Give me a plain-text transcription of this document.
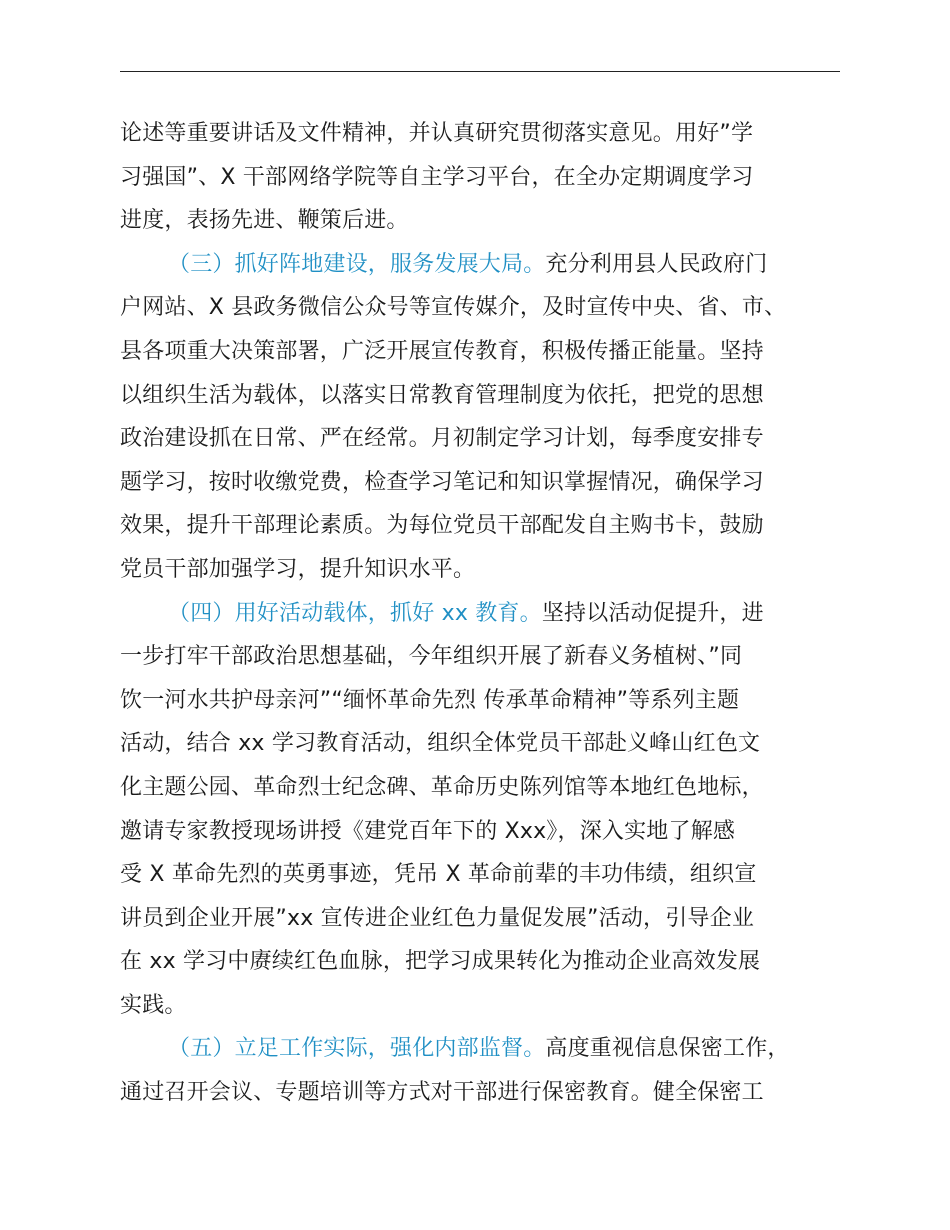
论述等重要讲话及文件精神，并认真研究贯彻落实意见。用好”学
习强国”、X 干部网络学院等自主学习平台，在全办定期调度学习
进度，表扬先进、鞭策后进。
（三）抓好阵地建设，服务发展大局。充分利用县人民政府门
户网站、X 县政务微信公众号等宣传媒介，及时宣传中央、省、市、
县各项重大决策部署，广泛开展宣传教育，积极传播正能量。坚持
以组织生活为载体，以落实日常教育管理制度为依托，把党的思想
政治建设抓在日常、严在经常。月初制定学习计划，每季度安排专
题学习，按时收缴党费，检查学习笔记和知识掌握情况，确保学习
效果，提升干部理论素质。为每位党员干部配发自主购书卡，鼓励
党员干部加强学习，提升知识水平。
（四）用好活动载体，抓好 xx 教育。坚持以活动促提升，进
一步打牢干部政治思想基础，今年组织开展了新春义务植树、”同
饮一河水共护母亲河”“缅怀革命先烈 传承革命精神”等系列主题
活动，结合 xx 学习教育活动，组织全体党员干部赴义峰山红色文
化主题公园、革命烈士纪念碑、革命历史陈列馆等本地红色地标，
邀请专家教授现场讲授《建党百年下的 Xxx》，深入实地了解感
受 X 革命先烈的英勇事迹，凭吊 X 革命前辈的丰功伟绩，组织宣
讲员到企业开展”xx 宣传进企业红色力量促发展”活动，引导企业
在 xx 学习中赓续红色血脉，把学习成果转化为推动企业高效发展
实践。
（五）立足工作实际，强化内部监督。高度重视信息保密工作，
通过召开会议、专题培训等方式对干部进行保密教育。健全保密工
